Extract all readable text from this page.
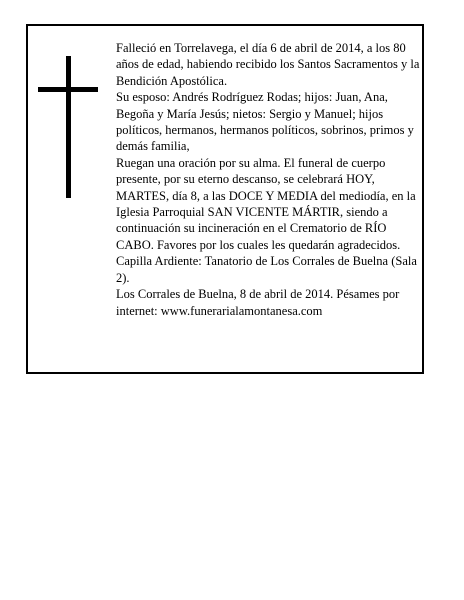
Falleció en Torrelavega, el día 6 de abril de 2014, a los 80 años de edad, habiendo recibido los Santos Sacramentos y la Bendición Apostólica.

Su esposo: Andrés Rodríguez Rodas; hijos: Juan, Ana, Begoña y María Jesús; nietos: Sergio y Manuel; hijos políticos, hermanos, hermanos políticos, sobrinos, primos y demás familia,

Ruegan una oración por su alma. El funeral de cuerpo presente, por su eterno descanso, se celebrará HOY, MARTES, día 8, a las DOCE Y MEDIA del mediodía, en la Iglesia Parroquial SAN VICENTE MÁRTIR, siendo a continuación su incineración en el Crematorio de RÍO CABO. Favores por los cuales les quedarán agradecidos. Capilla Ardiente: Tanatorio de Los Corrales de Buelna (Sala 2).

Los Corrales de Buelna, 8 de abril de 2014. Pésames por internet: www.funerarialamontanesa.com
